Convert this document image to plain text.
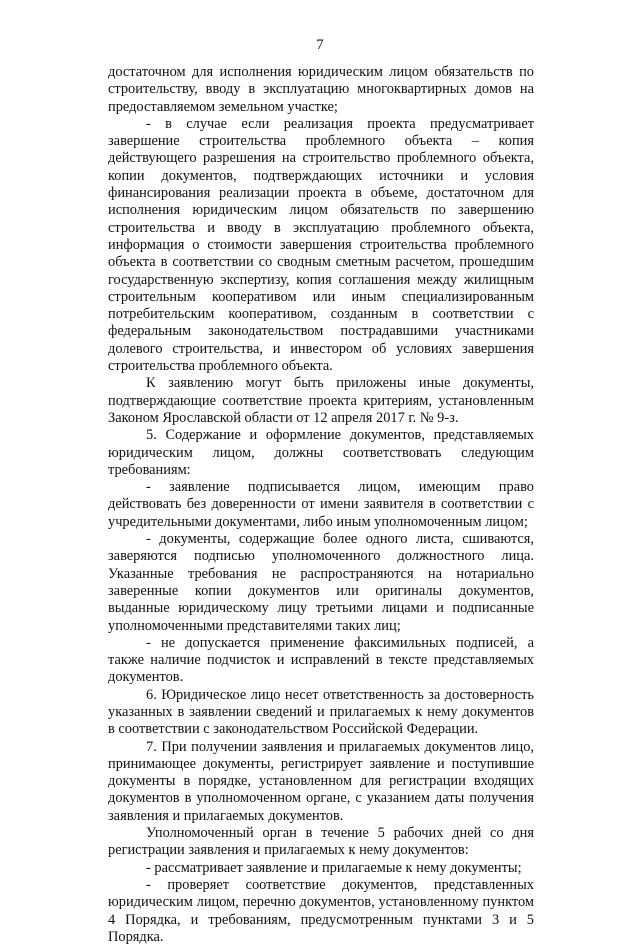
7

достаточном для исполнения юридическим лицом обязательств по строительству, вводу в эксплуатацию многоквартирных домов на предоставляемом земельном участке;

- в случае если реализация проекта предусматривает завершение строительства проблемного объекта – копия действующего разрешения на строительство проблемного объекта, копии документов, подтверждающих источники и условия финансирования реализации проекта в объеме, достаточном для исполнения юридическим лицом обязательств по завершению строительства и вводу в эксплуатацию проблемного объекта, информация о стоимости завершения строительства проблемного объекта в соответствии со сводным сметным расчетом, прошедшим государственную экспертизу, копия соглашения между жилищным строительным кооперативом или иным специализированным потребительским кооперативом, созданным в соответствии с федеральным законодательством пострадавшими участниками долевого строительства, и инвестором об условиях завершения строительства проблемного объекта.

К заявлению могут быть приложены иные документы, подтверждающие соответствие проекта критериям, установленным Законом Ярославской области от 12 апреля 2017 г. № 9-з.

5. Содержание и оформление документов, представляемых юридическим лицом, должны соответствовать следующим требованиям:

- заявление подписывается лицом, имеющим право действовать без доверенности от имени заявителя в соответствии с учредительными документами, либо иным уполномоченным лицом;

- документы, содержащие более одного листа, сшиваются, заверяются подписью уполномоченного должностного лица. Указанные требования не распространяются на нотариально заверенные копии документов или оригиналы документов, выданные юридическому лицу третьими лицами и подписанные уполномоченными представителями таких лиц;

- не допускается применение факсимильных подписей, а также наличие подчисток и исправлений в тексте представляемых документов.

6. Юридическое лицо несет ответственность за достоверность указанных в заявлении сведений и прилагаемых к нему документов в соответствии с законодательством Российской Федерации.

7. При получении заявления и прилагаемых документов лицо, принимающее документы, регистрирует заявление и поступившие документы в порядке, установленном для регистрации входящих документов в уполномоченном органе, с указанием даты получения заявления и прилагаемых документов.

Уполномоченный орган в течение 5 рабочих дней со дня регистрации заявления и прилагаемых к нему документов:

- рассматривает заявление и прилагаемые к нему документы;

- проверяет соответствие документов, представленных юридическим лицом, перечню документов, установленному пунктом 4 Порядка, и требованиям, предусмотренным пунктами 3 и 5 Порядка.
